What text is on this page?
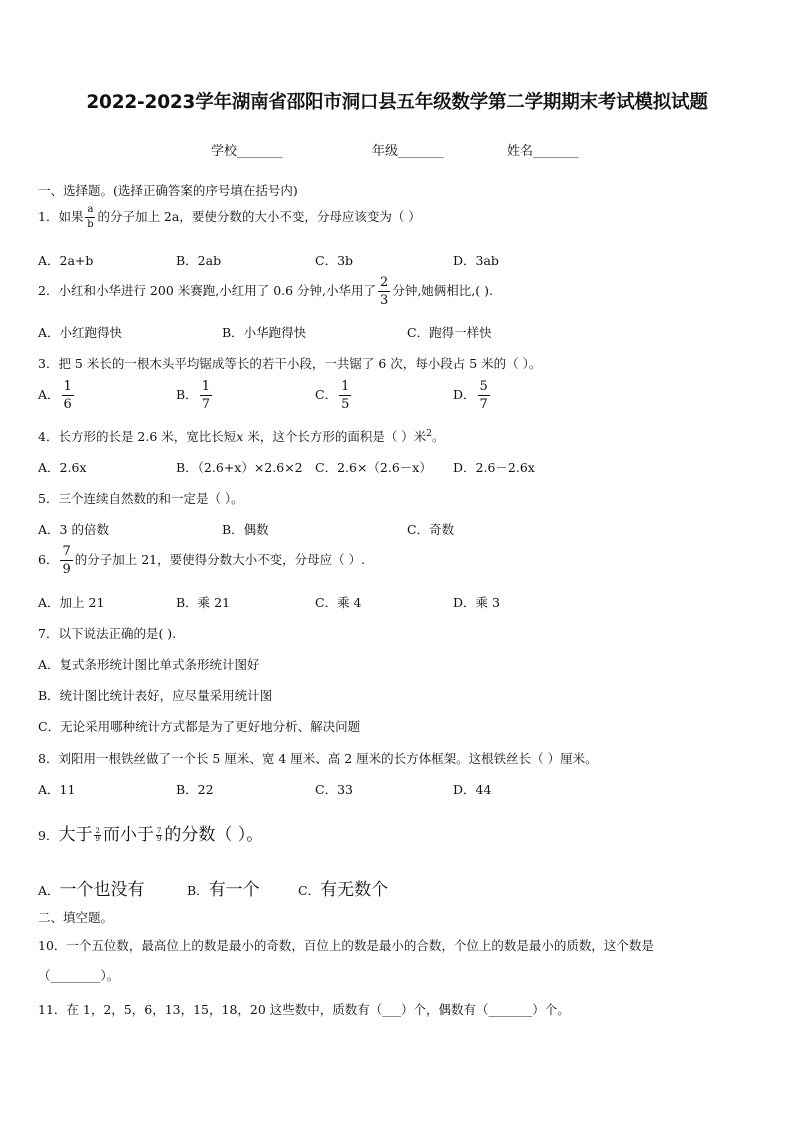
2022-2023学年湖南省邵阳市洞口县五年级数学第二学期期末考试模拟试题
学校_______	年级_______	姓名_______
一、选择题。(选择正确答案的序号填在括号内)
1．如果 $\frac{a}{b}$ 的分子加上 2a，要使分数的大小不变，分母应该变为（ ）
A．2a+b	B．2ab	C．3b	D．3ab
2．小红和小华进行 200 米赛跑,小红用了 0.6 分钟,小华用了 $\frac{2}{3}$ 分钟,她俩相比,( ).
A．小红跑得快	B．小华跑得快	C．跑得一样快
3．把 5 米长的一根木头平均锯成等长的若干小段，一共锯了 6 次，每小段占 5 米的（ ）。
A． $\frac{1}{6}$	B． $\frac{1}{7}$	C． $\frac{1}{5}$	D． $\frac{5}{7}$
4．长方形的长是 2.6 米，宽比长短x 米，这个长方形的面积是（ ）米$^2$。
A．2.6x	B．（2.6+x）×2.6×2 C．2.6×（2.6－x） D．2.6－2.6x
5．三个连续自然数的和一定是（ ）。
A．3 的倍数	B．偶数	C．奇数
6． $\frac{7}{9}$ 的分子加上 21，要使得分数大小不变，分母应（ ）.
A．加上 21	B．乘 21	C．乘 4	D．乘 3
7．以下说法正确的是( ).
A．复式条形统计图比单式条形统计图好
B．统计图比统计表好，应尽量采用统计图
C．无论采用哪种统计方式都是为了更好地分析、解决问题
8．刘阳用一根铁丝做了一个长 5 厘米、宽 4 厘米、高 2 厘米的长方体框架。这根铁丝长（ ）厘米。
A．11	B．22	C．33	D．44
9．大于 $\frac{2}{9}$ 而小于 $\frac{7}{9}$ 的分数（ ）。
A．一个也没有	B．有一个	C．有无数个
二、填空题。
10．一个五位数，最高位上的数是最小的奇数，百位上的数是最小的合数，个位上的数是最小的质数，这个数是
（________）。
11．在 1，2，5，6，13，15，18，20 这些数中，质数有（___）个，偶数有（_______）个。
